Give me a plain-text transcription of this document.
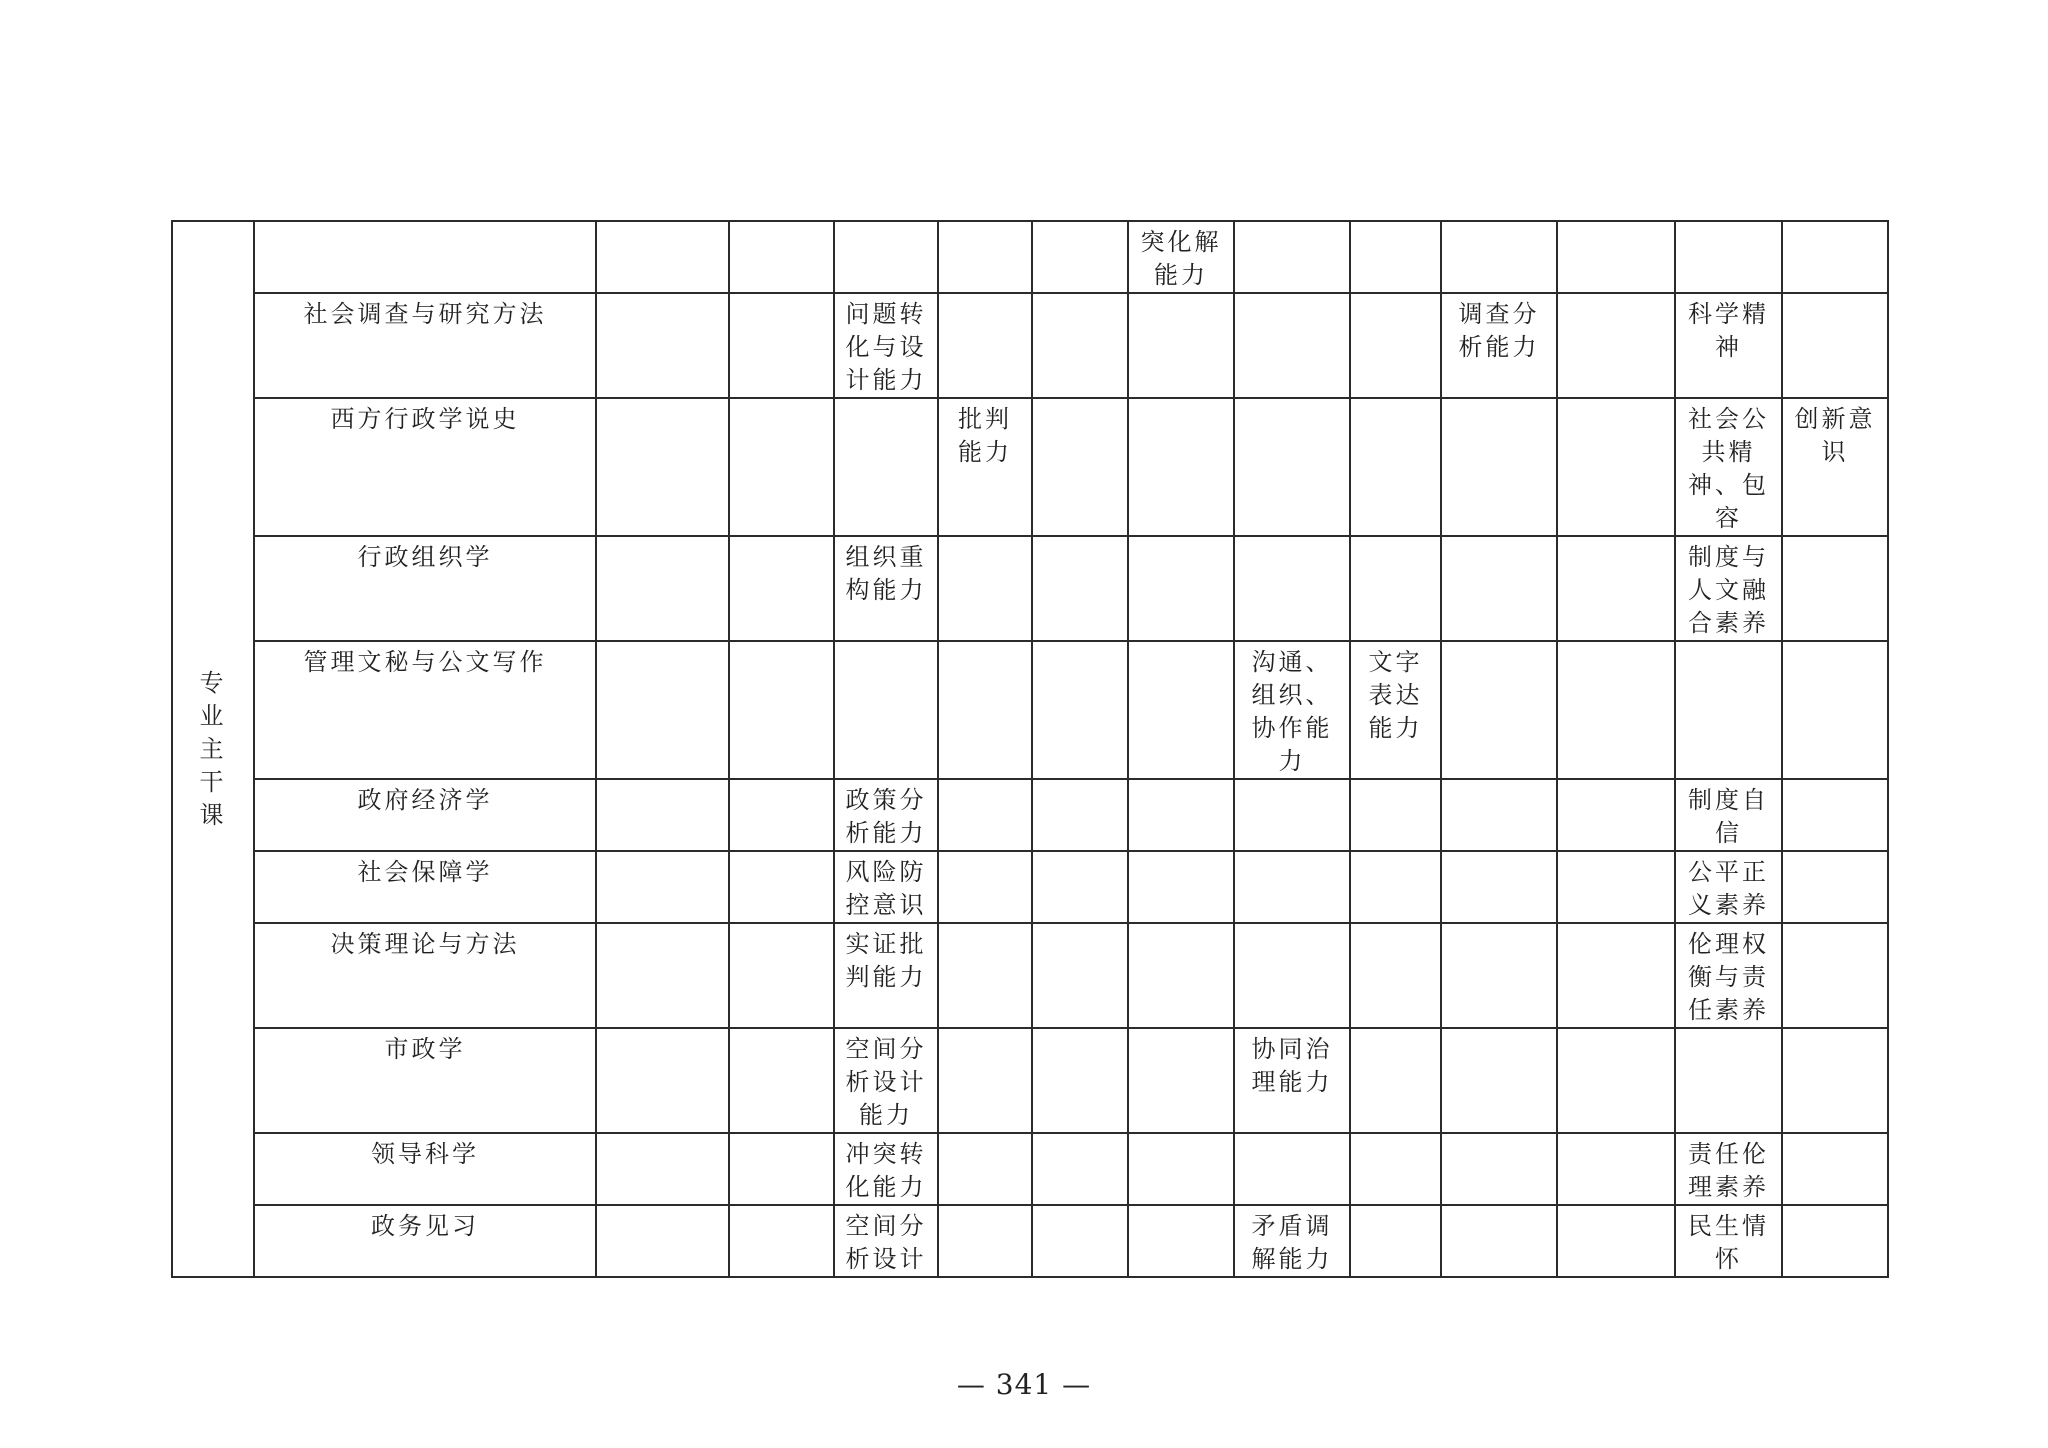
专业主干课							突化解能力						

	社会调查与研究方法			问题转化与设计能力						调查分析能力		科学精神	

	西方行政学说史				批判能力							社会公共精神、包容	创新意识

	行政组织学			组织重构能力								制度与人文融合素养	

	管理文秘与公文写作							沟通、组织、协作能力	文字表达能力				

	政府经济学			政策分析能力								制度自信	

	社会保障学			风险防控意识								公平正义素养	

	决策理论与方法			实证批判能力								伦理权衡与责任素养	

	市政学			空间分析设计能力				协同治理能力					

	领导科学			冲突转化能力								责任伦理素养	

	政务见习			空间分析设计				矛盾调解能力				民生情怀	

— 341 —
